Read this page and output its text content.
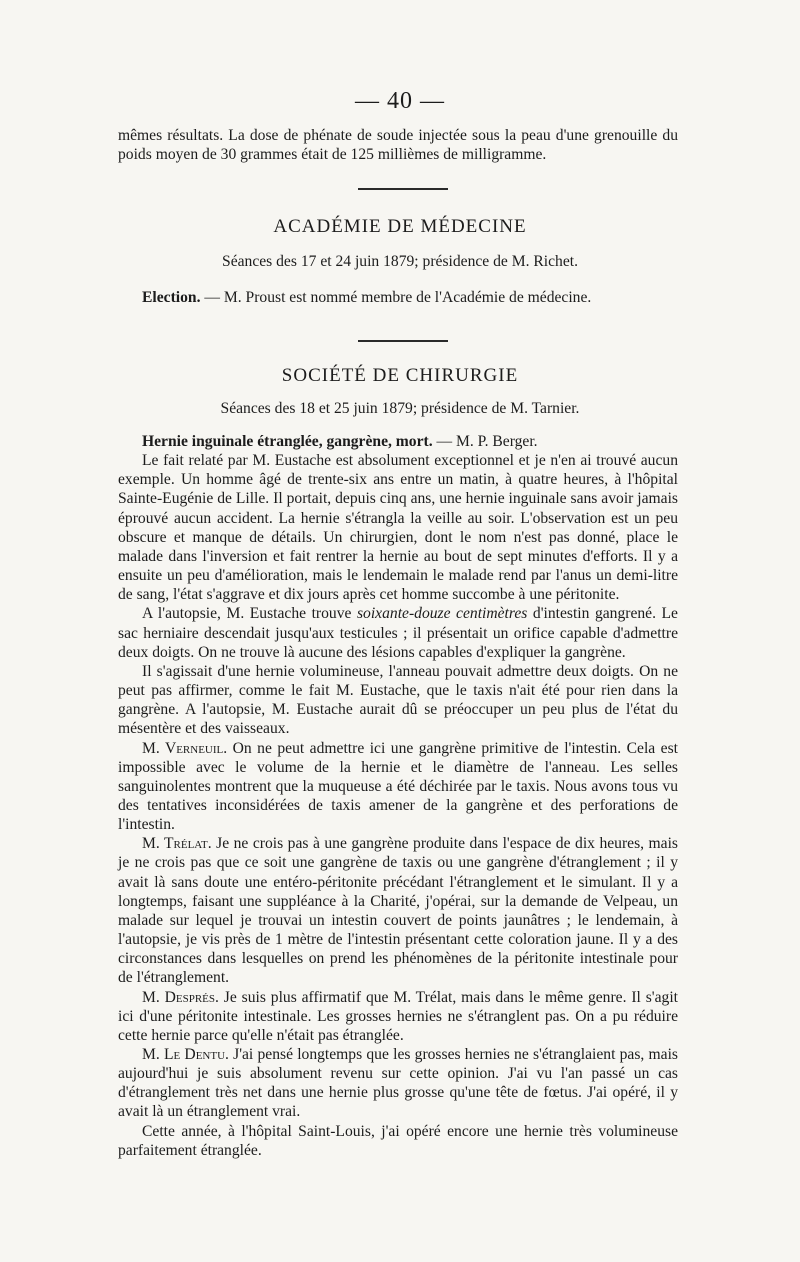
— 40 —

mêmes résultats. La dose de phénate de soude injectée sous la peau d'une grenouille du poids moyen de 30 grammes était de 125 millièmes de milligramme.

ACADÉMIE DE MÉDECINE
Séances des 17 et 24 juin 1879; présidence de M. Richet.

Election. — M. Proust est nommé membre de l'Académie de médecine.

SOCIÉTÉ DE CHIRURGIE
Séances des 18 et 25 juin 1879; présidence de M. Tarnier.

Hernie inguinale étranglée, gangrène, mort. — M. P. Berger.

Le fait relaté par M. Eustache est absolument exceptionnel et je n'en ai trouvé aucun exemple. Un homme âgé de trente-six ans entre un matin, à quatre heures, à l'hôpital Sainte-Eugénie de Lille. Il portait, depuis cinq ans, une hernie inguinale sans avoir jamais éprouvé aucun accident. La hernie s'étrangla la veille au soir. L'observation est un peu obscure et manque de détails. Un chirurgien, dont le nom n'est pas donné, place le malade dans l'inversion et fait rentrer la hernie au bout de sept minutes d'efforts. Il y a ensuite un peu d'amélioration, mais le lendemain le malade rend par l'anus un demi-litre de sang, l'état s'aggrave et dix jours après cet homme succombe à une péritonite.

A l'autopsie, M. Eustache trouve soixante-douze centimètres d'intestin gangrené. Le sac herniaire descendait jusqu'aux testicules ; il présentait un orifice capable d'admettre deux doigts. On ne trouve là aucune des lésions capables d'expliquer la gangrène.

Il s'agissait d'une hernie volumineuse, l'anneau pouvait admettre deux doigts. On ne peut pas affirmer, comme le fait M. Eustache, que le taxis n'ait été pour rien dans la gangrène. A l'autopsie, M. Eustache aurait dû se préoccuper un peu plus de l'état du mésentère et des vaisseaux.

M. Verneuil. On ne peut admettre ici une gangrène primitive de l'intestin. Cela est impossible avec le volume de la hernie et le diamètre de l'anneau. Les selles sanguinolentes montrent que la muqueuse a été déchirée par le taxis. Nous avons tous vu des tentatives inconsidérées de taxis amener de la gangrène et des perforations de l'intestin.

M. Trélat. Je ne crois pas à une gangrène produite dans l'espace de dix heures, mais je ne crois pas que ce soit une gangrène de taxis ou une gangrène d'étranglement ; il y avait là sans doute une entéro-péritonite précédant l'étranglement et le simulant. Il y a longtemps, faisant une suppléance à la Charité, j'opérai, sur la demande de Velpeau, un malade sur lequel je trouvai un intestin couvert de points jaunâtres ; le lendemain, à l'autopsie, je vis près de 1 mètre de l'intestin présentant cette coloration jaune. Il y a des circonstances dans lesquelles on prend les phénomènes de la péritonite intestinale pour de l'étranglement.

M. Després. Je suis plus affirmatif que M. Trélat, mais dans le même genre. Il s'agit ici d'une péritonite intestinale. Les grosses hernies ne s'étranglent pas. On a pu réduire cette hernie parce qu'elle n'était pas étranglée.

M. Le Dentu. J'ai pensé longtemps que les grosses hernies ne s'étranglaient pas, mais aujourd'hui je suis absolument revenu sur cette opinion. J'ai vu l'an passé un cas d'étranglement très net dans une hernie plus grosse qu'une tête de fœtus. J'ai opéré, il y avait là un étranglement vrai.

Cette année, à l'hôpital Saint-Louis, j'ai opéré encore une hernie très volumineuse parfaitement étranglée.
